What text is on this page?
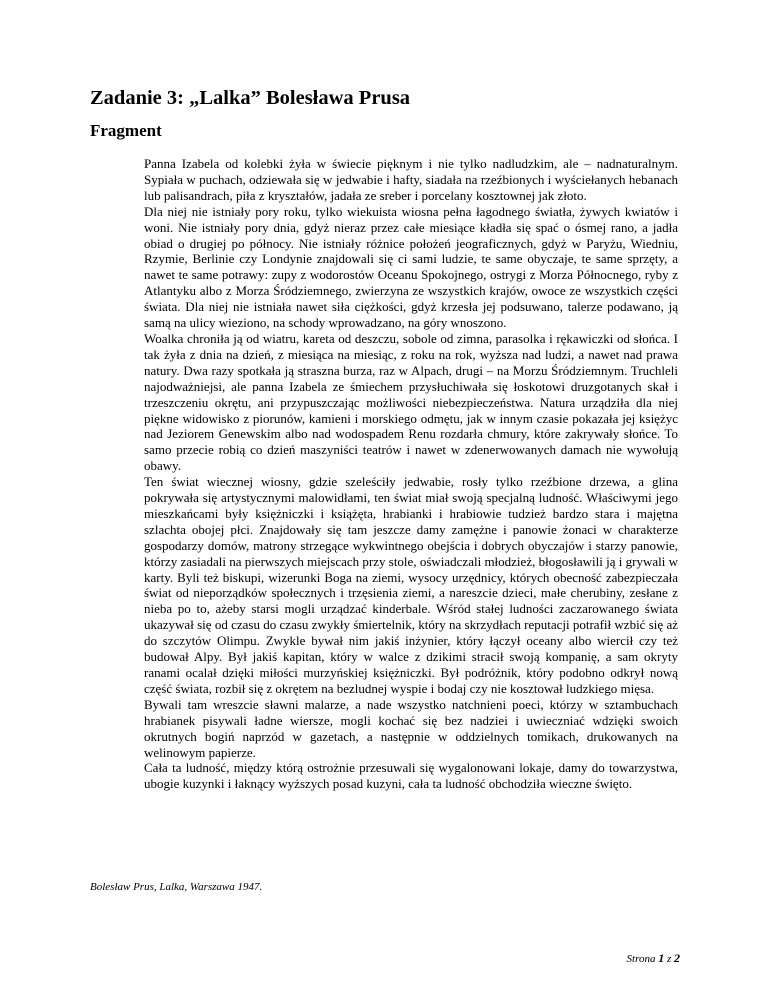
Zadanie 3: „Lalka” Bolesława Prusa
Fragment

Panna Izabela od kolebki żyła w świecie pięknym i nie tylko nadludzkim, ale – nadnaturalnym. Sypiała w puchach, odziewała się w jedwabie i hafty, siadała na rzeźbionych i wyściełanych hebanach lub palisandrach, piła z kryształów, jadała ze sreber i porcelany kosztownej jak złoto.

Dla niej nie istniały pory roku, tylko wiekuista wiosna pełna łagodnego światła, żywych kwiatów i woni. Nie istniały pory dnia, gdyż nieraz przez całe miesiące kładła się spać o ósmej rano, a jadła obiad o drugiej po północy. Nie istniały różnice położeń jeograficznych, gdyż w Paryżu, Wiedniu, Rzymie, Berlinie czy Londynie znajdowali się ci sami ludzie, te same obyczaje, te same sprzęty, a nawet te same potrawy: zupy z wodorostów Oceanu Spokojnego, ostrygi z Morza Północnego, ryby z Atlantyku albo z Morza Śródziemnego, zwierzyna ze wszystkich krajów, owoce ze wszystkich części świata. Dla niej nie istniała nawet siła ciężkości, gdyż krzesła jej podsuwano, talerze podawano, ją samą na ulicy wieziono, na schody wprowadzano, na góry wnoszono.

Woalka chroniła ją od wiatru, kareta od deszczu, sobole od zimna, parasolka i rękawiczki od słońca. I tak żyła z dnia na dzień, z miesiąca na miesiąc, z roku na rok, wyższa nad ludzi, a nawet nad prawa natury. Dwa razy spotkała ją straszna burza, raz w Alpach, drugi – na Morzu Śródziemnym. Truchleli najodważniejsi, ale panna Izabela ze śmiechem przysłuchiwała się łoskotowi druzgotanych skał i trzeszczeniu okrętu, ani przypuszczając możliwości niebezpieczeństwa. Natura urządziła dla niej piękne widowisko z piorunów, kamieni i morskiego odmętu, jak w innym czasie pokazała jej księżyc nad Jeziorem Genewskim albo nad wodospadem Renu rozdarła chmury, które zakrywały słońce. To samo przecie robią co dzień maszyniści teatrów i nawet w zdenerwowanych damach nie wywołują obawy.

Ten świat wiecznej wiosny, gdzie szeleściły jedwabie, rosły tylko rzeźbione drzewa, a glina pokrywała się artystycznymi malowidłami, ten świat miał swoją specjalną ludność. Właściwymi jego mieszkańcami były księżniczki i książęta, hrabianki i hrabiowie tudzież bardzo stara i majętna szlachta obojej płci. Znajdowały się tam jeszcze damy zamężne i panowie żonaci w charakterze gospodarzy domów, matrony strzegące wykwintnego obejścia i dobrych obyczajów i starzy panowie, którzy zasiadali na pierwszych miejscach przy stole, oświadczali młodzież, błogosławili ją i grywali w karty. Byli też biskupi, wizerunki Boga na ziemi, wysocy urzędnicy, których obecność zabezpieczała świat od nieporządków społecznych i trzęsienia ziemi, a nareszcie dzieci, małe cherubiny, zesłane z nieba po to, ażeby starsi mogli urządzać kinderbale. Wśród stałej ludności zaczarowanego świata ukazywał się od czasu do czasu zwykły śmiertelnik, który na skrzydłach reputacji potrafił wzbić się aż do szczytów Olimpu. Zwykle bywał nim jakiś inżynier, który łączył oceany albo wiercił czy też budował Alpy. Był jakiś kapitan, który w walce z dzikimi stracił swoją kompanię, a sam okryty ranami ocalał dzięki miłości murzyńskiej księżniczki. Był podróżnik, który podobno odkrył nową część świata, rozbił się z okrętem na bezludnej wyspie i bodaj czy nie kosztował ludzkiego mięsa.

Bywali tam wreszcie sławni malarze, a nade wszystko natchnieni poeci, którzy w sztambuchach hrabianek pisywali ładne wiersze, mogli kochać się bez nadziei i uwieczniać wdzięki swoich okrutnych bogiń naprzód w gazetach, a następnie w oddzielnych tomikach, drukowanych na welinowym papierze.

Cała ta ludność, między którą ostrożnie przesuwali się wygalonowani lokaje, damy do towarzystwa, ubogie kuzynki i łaknący wyższych posad kuzyni, cała ta ludność obchodziła wieczne święto.

Bolesław Prus, Lalka, Warszawa 1947.

Strona 1 z 2
